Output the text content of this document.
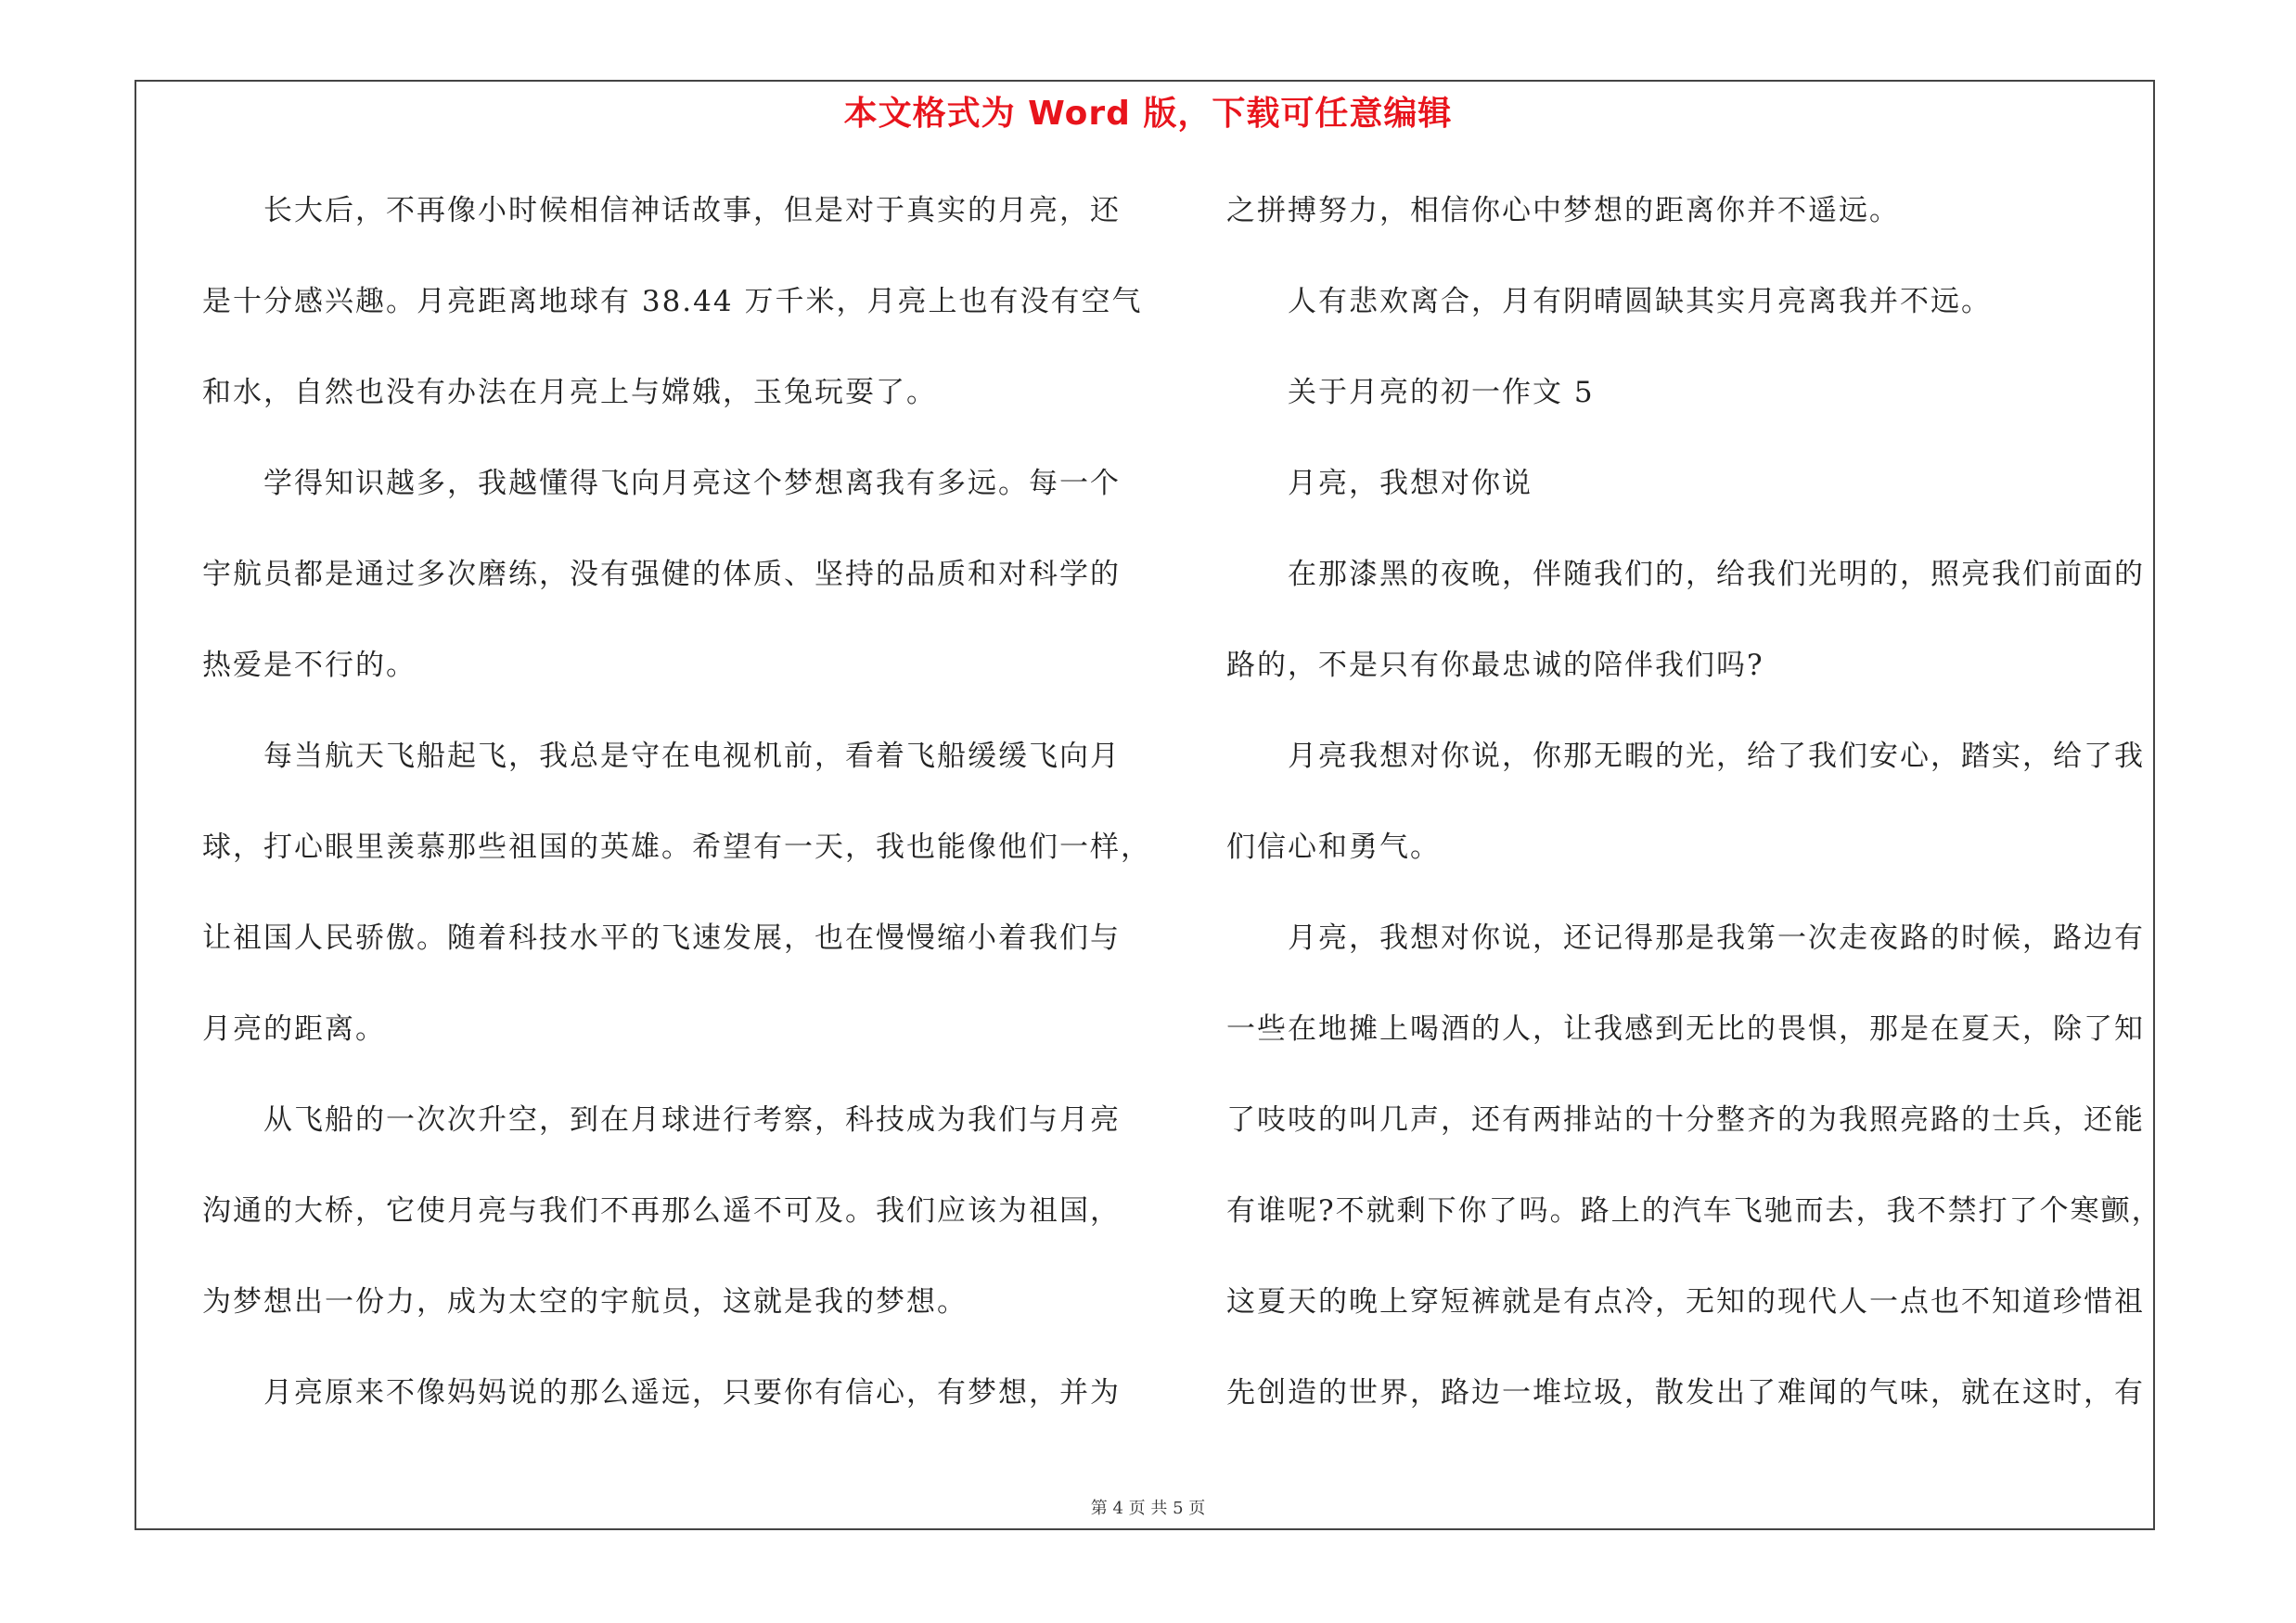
本文格式为 Word 版，下载可任意编辑
长大后，不再像小时候相信神话故事，但是对于真实的月亮，还
是十分感兴趣。月亮距离地球有 38.44 万千米，月亮上也有没有空气
和水，自然也没有办法在月亮上与嫦娥，玉兔玩耍了。
学得知识越多，我越懂得飞向月亮这个梦想离我有多远。每一个
宇航员都是通过多次磨练，没有强健的体质、坚持的品质和对科学的
热爱是不行的。
每当航天飞船起飞，我总是守在电视机前，看着飞船缓缓飞向月
球，打心眼里羡慕那些祖国的英雄。希望有一天，我也能像他们一样，
让祖国人民骄傲。随着科技水平的飞速发展，也在慢慢缩小着我们与
月亮的距离。
从飞船的一次次升空，到在月球进行考察，科技成为我们与月亮
沟通的大桥，它使月亮与我们不再那么遥不可及。我们应该为祖国，
为梦想出一份力，成为太空的宇航员，这就是我的梦想。
月亮原来不像妈妈说的那么遥远，只要你有信心，有梦想，并为
之拼搏努力，相信你心中梦想的距离你并不遥远。
人有悲欢离合，月有阴晴圆缺其实月亮离我并不远。
关于月亮的初一作文 5
月亮，我想对你说
在那漆黑的夜晚，伴随我们的，给我们光明的，照亮我们前面的
路的，不是只有你最忠诚的陪伴我们吗?
月亮我想对你说，你那无暇的光，给了我们安心，踏实，给了我
们信心和勇气。
月亮，我想对你说，还记得那是我第一次走夜路的时候，路边有
一些在地摊上喝酒的人，让我感到无比的畏惧，那是在夏天，除了知
了吱吱的叫几声，还有两排站的十分整齐的为我照亮路的士兵，还能
有谁呢?不就剩下你了吗。路上的汽车飞驰而去，我不禁打了个寒颤，
这夏天的晚上穿短裤就是有点冷，无知的现代人一点也不知道珍惜祖
先创造的世界，路边一堆垃圾，散发出了难闻的气味，就在这时，有
第 4 页 共 5 页
